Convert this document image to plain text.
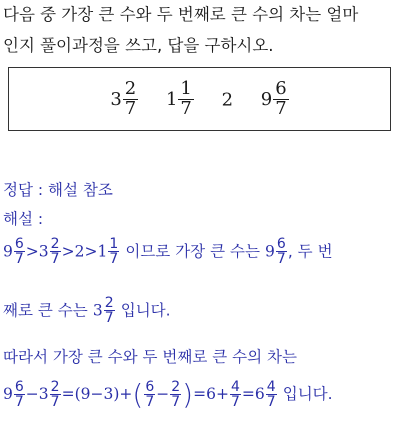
다음 중 가장 큰 수와 두 번째로 큰 수의 차는 얼마
인지 풀이과정을 쓰고, 답을 구하시오.
$3 \frac{2}{7} 1 \frac{1}{7} 2$ $9 \frac{6}{7}$
정답 : 해설 참조
해설 :
$9 \frac{6}{7} >3 \frac{2}{7} >2>1 \frac{1}{7}$ 이므로 가장 큰 수는 $9 \frac{6}{7}$ , 두 번
째로 큰 수는 $3 \frac{2}{7}$ 입니다.
따라서 가장 큰 수와 두 번째로 큰 수의 차는
$9 \frac{6}{7} -3 \frac{2}{7} =(9-3)+( \frac{6}{7} - \frac{2}{7} )=6+ \frac{4}{7} =6 \frac{4}{7}$ 입니다.
